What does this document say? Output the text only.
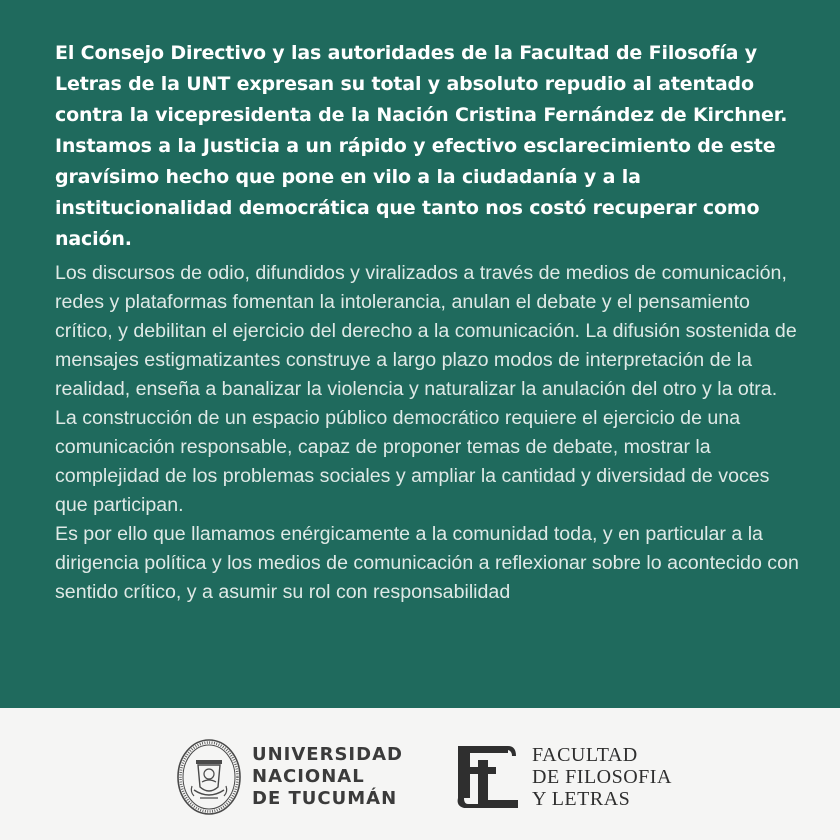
El Consejo Directivo y las autoridades de la Facultad de Filosofía y Letras de la UNT expresan su total y absoluto repudio al atentado contra la vicepresidenta de la Nación Cristina Fernández de Kirchner. Instamos a la Justicia a un rápido y efectivo esclarecimiento de este gravísimo hecho que pone en vilo a la ciudadanía y a la institucionalidad democrática que tanto nos costó recuperar como nación.

Los discursos de odio, difundidos y viralizados a través de medios de comunicación, redes y plataformas fomentan la intolerancia, anulan el debate y el pensamiento crítico, y debilitan el ejercicio del derecho a la comunicación. La difusión sostenida de mensajes estigmatizantes construye a largo plazo modos de interpretación de la realidad, enseña a banalizar la violencia y naturalizar la anulación del otro y la otra.

La construcción de un espacio público democrático requiere el ejercicio de una comunicación responsable, capaz de proponer temas de debate, mostrar la complejidad de los problemas sociales y ampliar la cantidad y diversidad de voces que participan.

Es por ello que llamamos enérgicamente a la comunidad toda, y en particular a la dirigencia política y los medios de comunicación a reflexionar sobre lo acontecido con sentido crítico, y a asumir su rol con responsabilidad

UNIVERSIDAD
NACIONAL
DE TUCUMÁN
FACULTAD
DE FILOSOFIA
Y LETRAS
